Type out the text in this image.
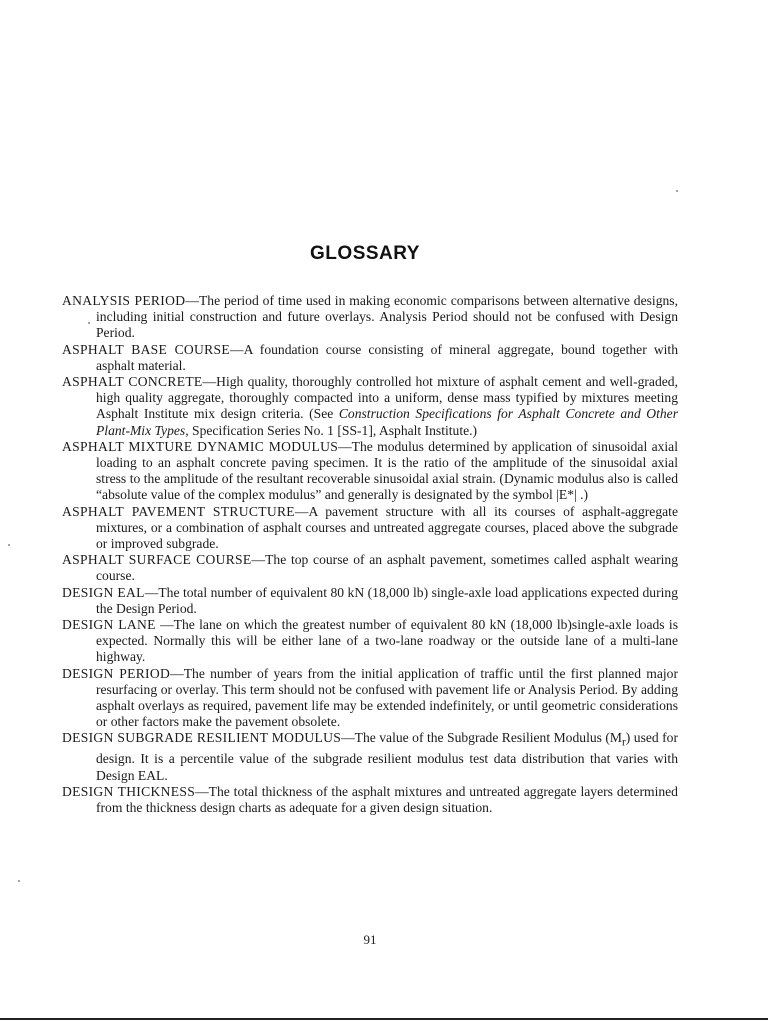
GLOSSARY

ANALYSIS PERIOD—The period of time used in making economic comparisons between alternative designs, including initial construction and future overlays. Analysis Period should not be confused with Design Period.

ASPHALT BASE COURSE—A foundation course consisting of mineral aggregate, bound together with asphalt material.

ASPHALT CONCRETE—High quality, thoroughly controlled hot mixture of asphalt cement and well-graded, high quality aggregate, thoroughly compacted into a uniform, dense mass typified by mixtures meeting Asphalt Institute mix design criteria. (See Construction Specifications for Asphalt Concrete and Other Plant-Mix Types, Specification Series No. 1 [SS-1], Asphalt Institute.)

ASPHALT MIXTURE DYNAMIC MODULUS—The modulus determined by application of sinusoidal axial loading to an asphalt concrete paving specimen. It is the ratio of the amplitude of the sinusoidal axial stress to the amplitude of the resultant recoverable sinusoidal axial strain. (Dynamic modulus also is called “absolute value of the complex modulus” and generally is designated by the symbol |E*| .)

ASPHALT PAVEMENT STRUCTURE—A pavement structure with all its courses of asphalt-aggregate mixtures, or a combination of asphalt courses and untreated aggregate courses, placed above the subgrade or improved subgrade.

ASPHALT SURFACE COURSE—The top course of an asphalt pavement, sometimes called asphalt wearing course.

DESIGN EAL—The total number of equivalent 80 kN (18,000 lb) single-axle load applications expected during the Design Period.

DESIGN LANE —The lane on which the greatest number of equivalent 80 kN (18,000 lb)single-axle loads is expected. Normally this will be either lane of a two-lane roadway or the outside lane of a multi-lane highway.

DESIGN PERIOD—The number of years from the initial application of traffic until the first planned major resurfacing or overlay. This term should not be confused with pavement life or Analysis Period. By adding asphalt overlays as required, pavement life may be extended indefinitely, or until geometric considerations or other factors make the pavement obsolete.

DESIGN SUBGRADE RESILIENT MODULUS—The value of the Subgrade Resilient Modulus $(M_r)$ used for design. It is a percentile value of the subgrade resilient modulus test data distribution that varies with Design EAL.

DESIGN THICKNESS—The total thickness of the asphalt mixtures and untreated aggregate layers determined from the thickness design charts as adequate for a given design situation.

91
